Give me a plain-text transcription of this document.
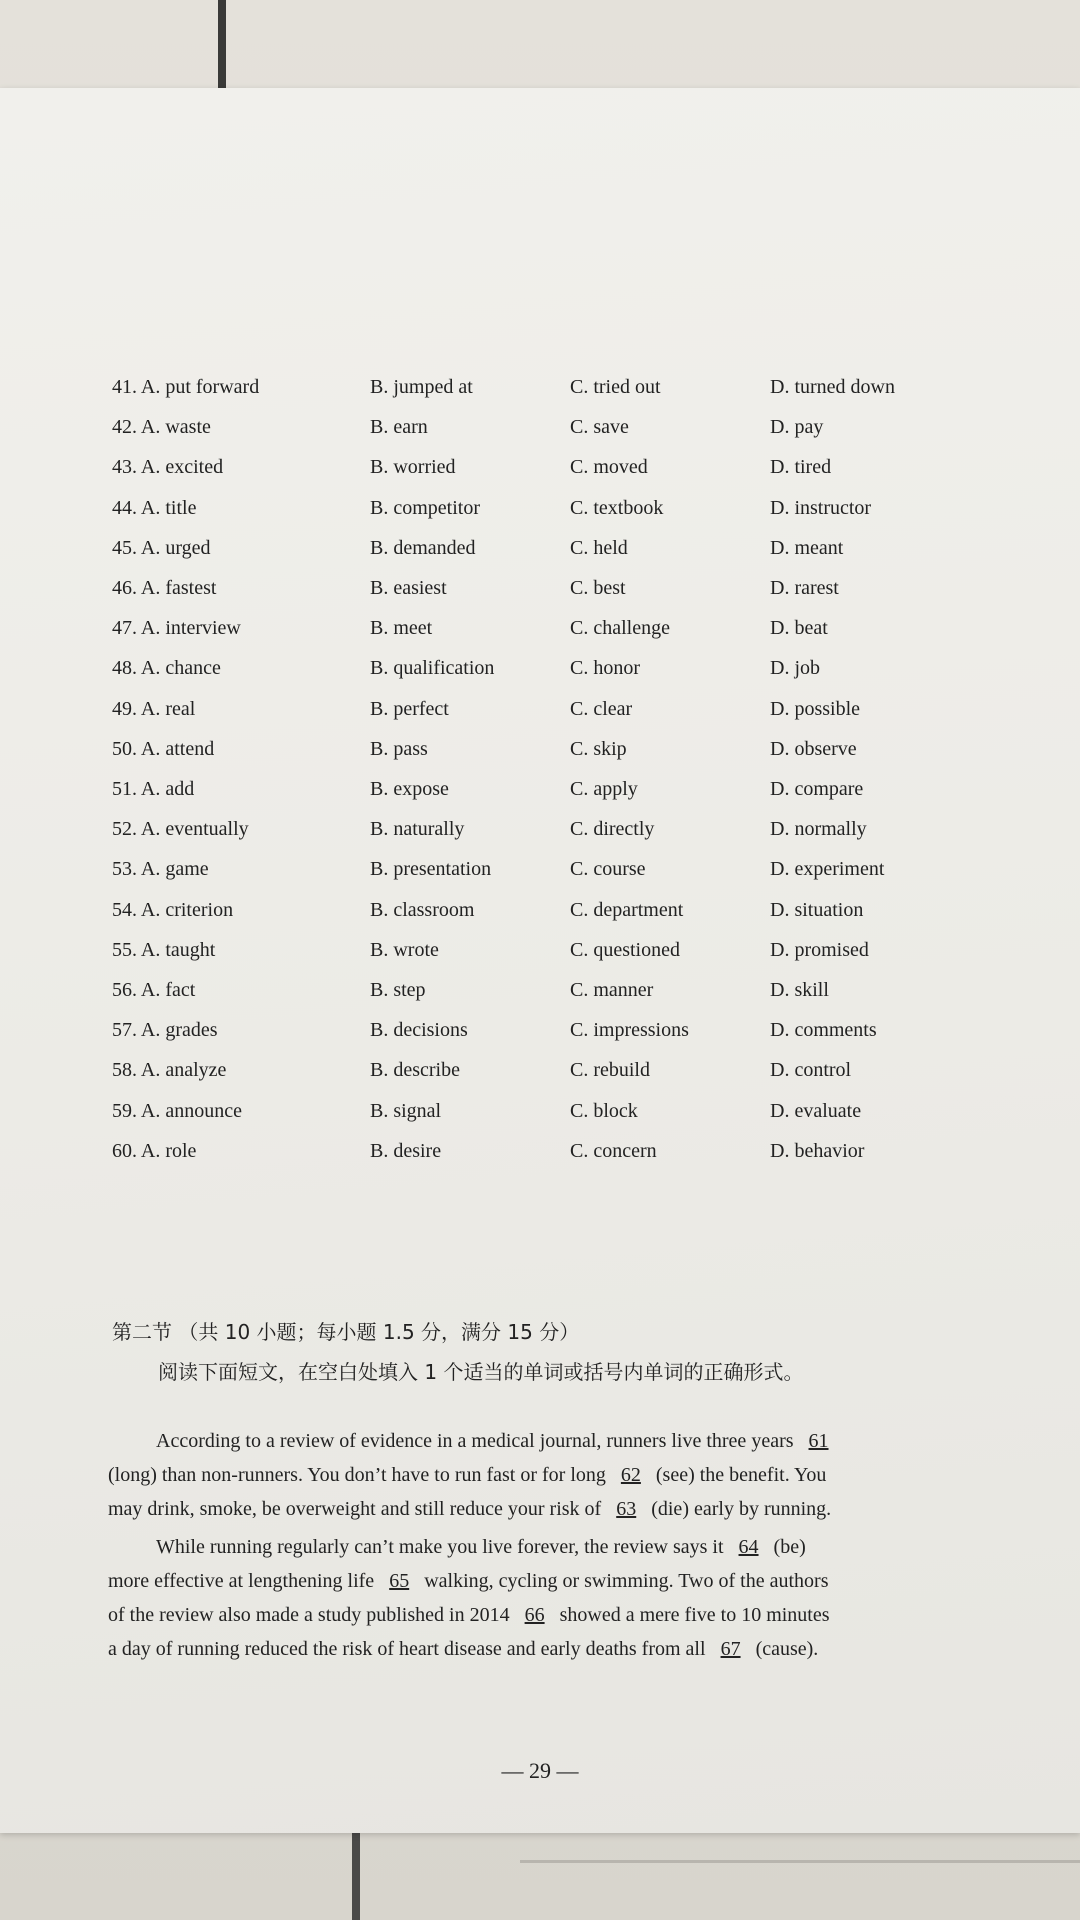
41. A. put forward	B. jumped at	C. tried out	D. turned down
42. A. waste	B. earn	C. save	D. pay
43. A. excited	B. worried	C. moved	D. tired
44. A. title	B. competitor	C. textbook	D. instructor
45. A. urged	B. demanded	C. held	D. meant
46. A. fastest	B. easiest	C. best	D. rarest
47. A. interview	B. meet	C. challenge	D. beat
48. A. chance	B. qualification	C. honor	D. job
49. A. real	B. perfect	C. clear	D. possible
50. A. attend	B. pass	C. skip	D. observe
51. A. add	B. expose	C. apply	D. compare
52. A. eventually	B. naturally	C. directly	D. normally
53. A. game	B. presentation	C. course	D. experiment
54. A. criterion	B. classroom	C. department	D. situation
55. A. taught	B. wrote	C. questioned	D. promised
56. A. fact	B. step	C. manner	D. skill
57. A. grades	B. decisions	C. impressions	D. comments
58. A. analyze	B. describe	C. rebuild	D. control
59. A. announce	B. signal	C. block	D. evaluate
60. A. role	B. desire	C. concern	D. behavior
第二节 （共 10 小题；每小题 1.5 分，满分 15 分）
阅读下面短文，在空白处填入 1 个适当的单词或括号内单词的正确形式。
According to a review of evidence in a medical journal, runners live three years 61
(long) than non-runners. You don’t have to run fast or for long 62 (see) the benefit. You
may drink, smoke, be overweight and still reduce your risk of 63 (die) early by running.
While running regularly can’t make you live forever, the review says it 64 (be)
more effective at lengthening life 65 walking, cycling or swimming. Two of the authors
of the review also made a study published in 2014 66 showed a mere five to 10 minutes
a day of running reduced the risk of heart disease and early deaths from all 67 (cause).
— 29 —
